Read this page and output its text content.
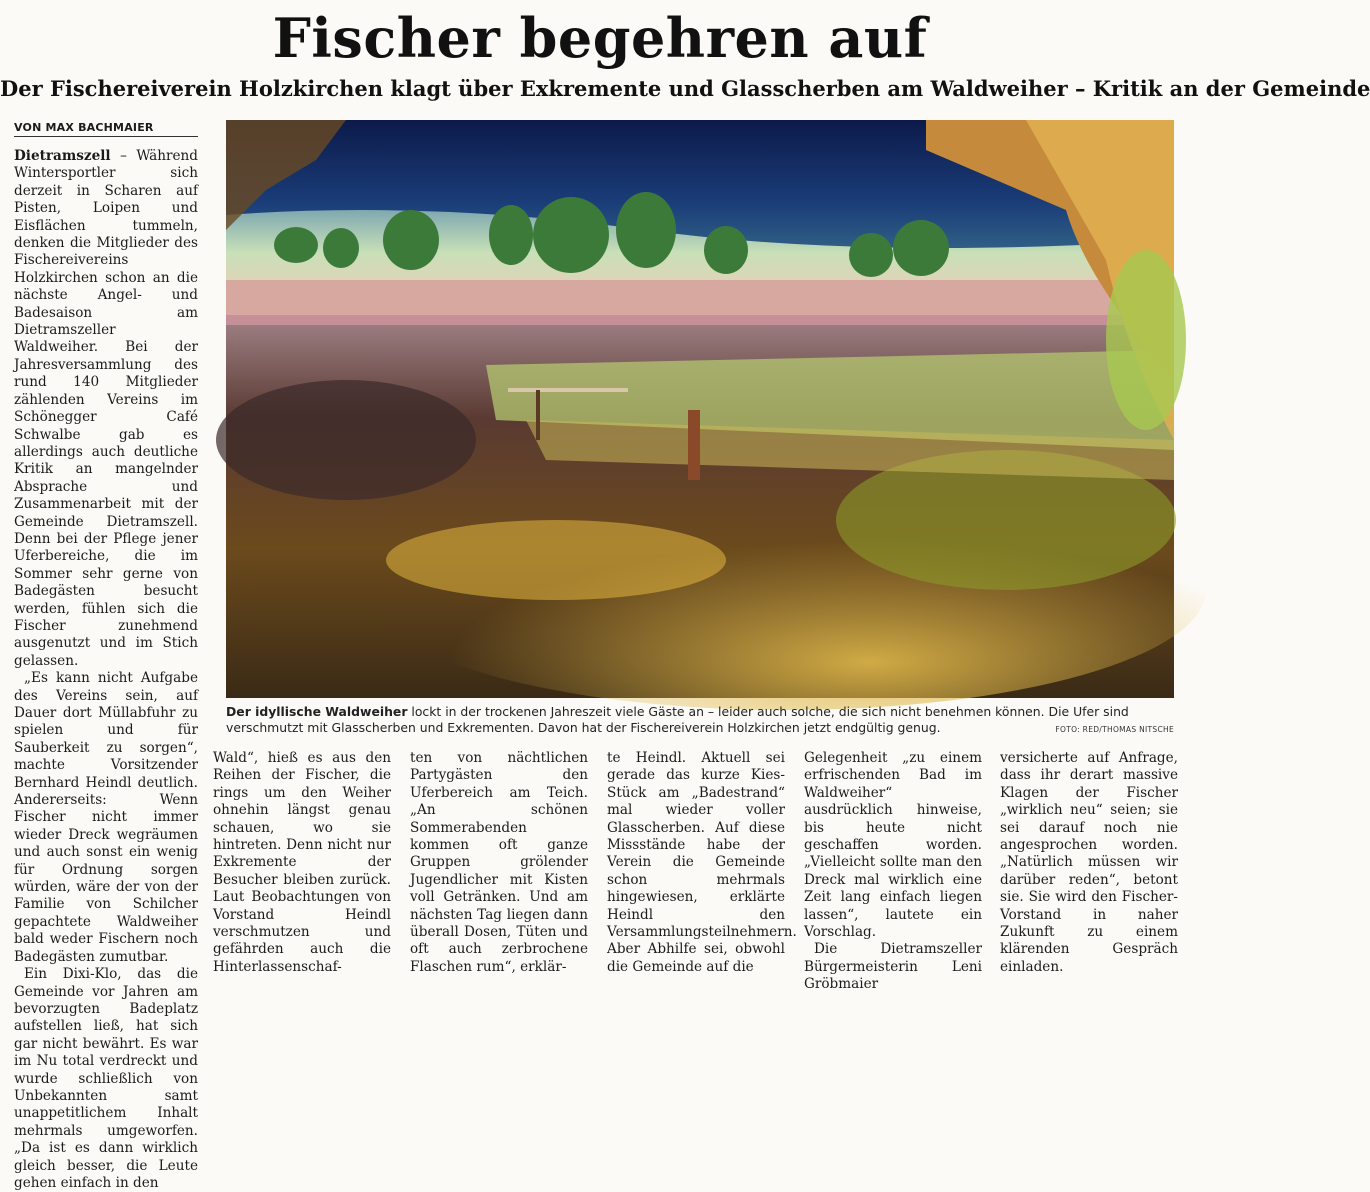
Fischer begehren auf
Der Fischereiverein Holzkirchen klagt über Exkremente und Glasscherben am Waldweiher – Kritik an der Gemeinde
VON MAX BACHMAIER

Dietramszell – Während Wintersportler sich derzeit in Scharen auf Pisten, Loipen und Eisflächen tummeln, denken die Mitglieder des Fischereivereins Holzkirchen schon an die nächste Angel- und Badesaison am Dietramszeller Waldweiher. Bei der Jahresversammlung des rund 140 Mitglieder zählenden Vereins im Schönegger Café Schwalbe gab es allerdings auch deutliche Kritik an mangelnder Absprache und Zusammenarbeit mit der Gemeinde Dietramszell. Denn bei der Pflege jener Uferbereiche, die im Sommer sehr gerne von Badegästen besucht werden, fühlen sich die Fischer zunehmend ausgenutzt und im Stich gelassen.

„Es kann nicht Aufgabe des Vereins sein, auf Dauer dort Müllabfuhr zu spielen und für Sauberkeit zu sorgen“, machte Vorsitzender Bernhard Heindl deutlich. Andererseits: Wenn Fischer nicht immer wieder Dreck wegräumen und auch sonst ein wenig für Ordnung sorgen würden, wäre der von der Familie von Schilcher gepachtete Waldweiher bald weder Fischern noch Badegästen zumutbar.

Ein Dixi-Klo, das die Gemeinde vor Jahren am bevorzugten Badeplatz aufstellen ließ, hat sich gar nicht bewährt. Es war im Nu total verdreckt und wurde schließlich von Unbekannten samt unappetitlichem Inhalt mehrmals umgeworfen. „Da ist es dann wirklich gleich besser, die Leute gehen einfach in den

Der idyllische Waldweiher lockt in der trockenen Jahreszeit viele Gäste an – leider auch solche, die sich nicht benehmen können. Die Ufer sind verschmutzt mit Glasscherben und Exkrementen. Davon hat der Fischereiverein Holzkirchen jetzt endgültig genug.	FOTO: RED/THOMAS NITSCHE

Wald“, hieß es aus den Reihen der Fischer, die rings um den Weiher ohnehin längst genau schauen, wo sie hintreten. Denn nicht nur Exkremente der Besucher bleiben zurück. Laut Beobachtungen von Vorstand Heindl verschmutzen und gefährden auch die Hinterlassenschaf-

ten von nächtlichen Partygästen den Uferbereich am Teich. „An schönen Sommerabenden kommen oft ganze Gruppen grölender Jugendlicher mit Kisten voll Getränken. Und am nächsten Tag liegen dann überall Dosen, Tüten und oft auch zerbrochene Flaschen rum“, erklär-

te Heindl. Aktuell sei gerade das kurze Kies-Stück am „Badestrand“ mal wieder voller Glasscherben. Auf diese Missstände habe der Verein die Gemeinde schon mehrmals hingewiesen, erklärte Heindl den Versammlungsteilnehmern. Aber Abhilfe sei, obwohl die Gemeinde auf die

Gelegenheit „zu einem erfrischenden Bad im Waldweiher“ ausdrücklich hinweise, bis heute nicht geschaffen worden. „Vielleicht sollte man den Dreck mal wirklich eine Zeit lang einfach liegen lassen“, lautete ein Vorschlag.

Die Dietramszeller Bürgermeisterin Leni Gröbmaier

versicherte auf Anfrage, dass ihr derart massive Klagen der Fischer „wirklich neu“ seien; sie sei darauf noch nie angesprochen worden. „Natürlich müssen wir darüber reden“, betont sie. Sie wird den Fischer-Vorstand in naher Zukunft zu einem klärenden Gespräch einladen.
